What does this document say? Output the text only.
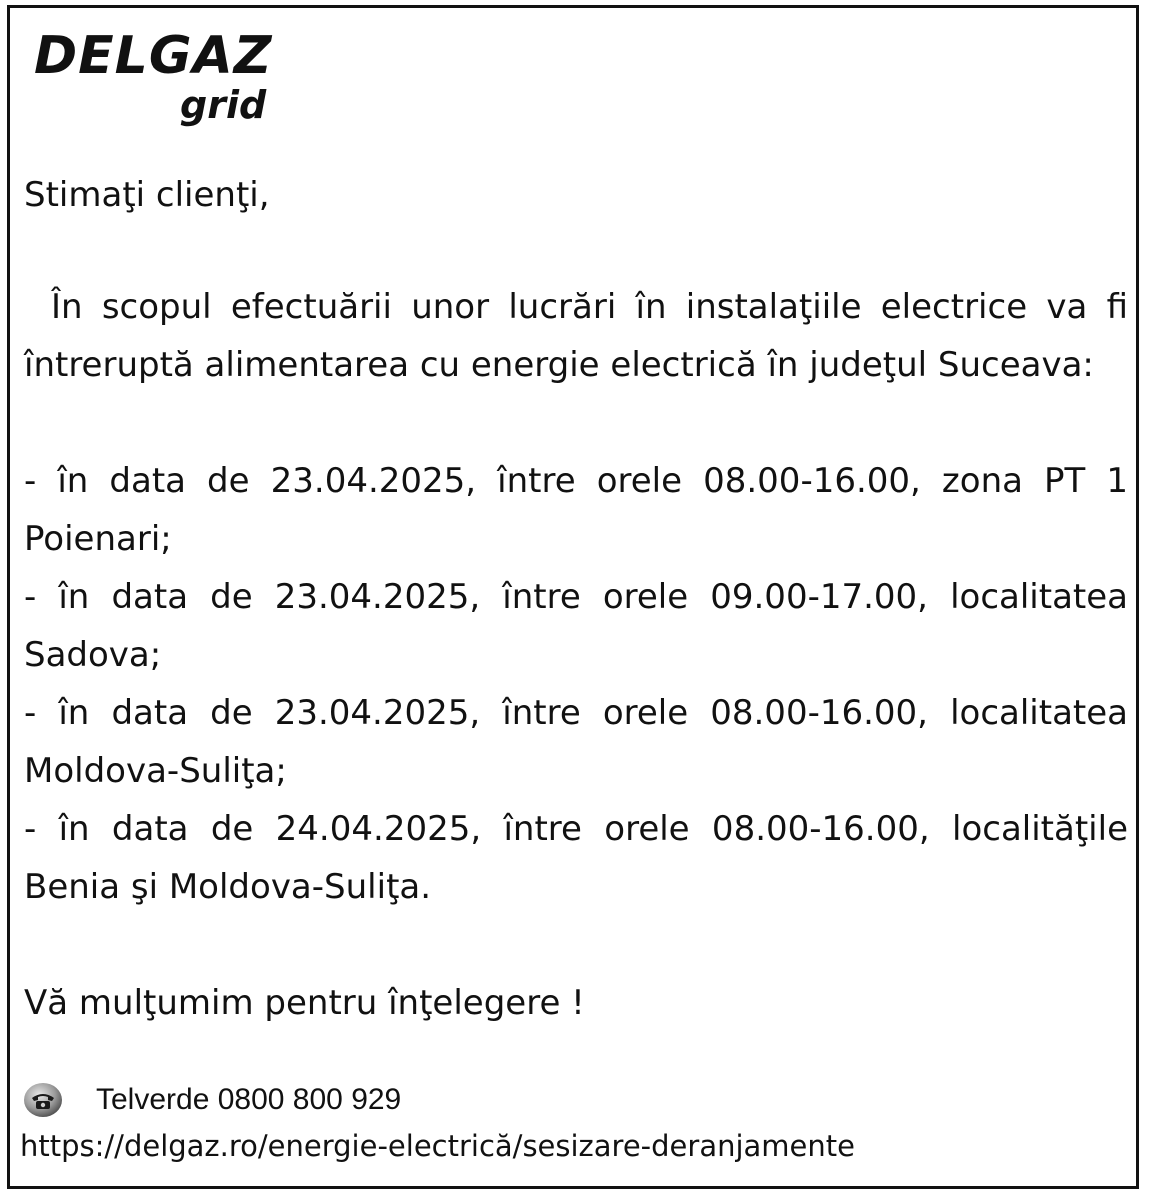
DELGAZ
grid
Stimaţi clienţi,
În scopul efectuării unor lucrări în instalaţiile electrice va fi întreruptă alimentarea cu energie electrică în judeţul Suceava:
- în data de 23.04.2025, între orele 08.00-16.00, zona PT 1 Poienari;
- în data de 23.04.2025, între orele 09.00-17.00, localitatea Sadova;
- în data de 23.04.2025, între orele 08.00-16.00, localitatea Moldova-Suliţa;
- în data de 24.04.2025, între orele 08.00-16.00, localităţile Benia şi Moldova-Suliţa.
Vă mulţumim pentru înţelegere !
Telverde 0800 800 929
https://delgaz.ro/energie-electrică/sesizare-deranjamente
